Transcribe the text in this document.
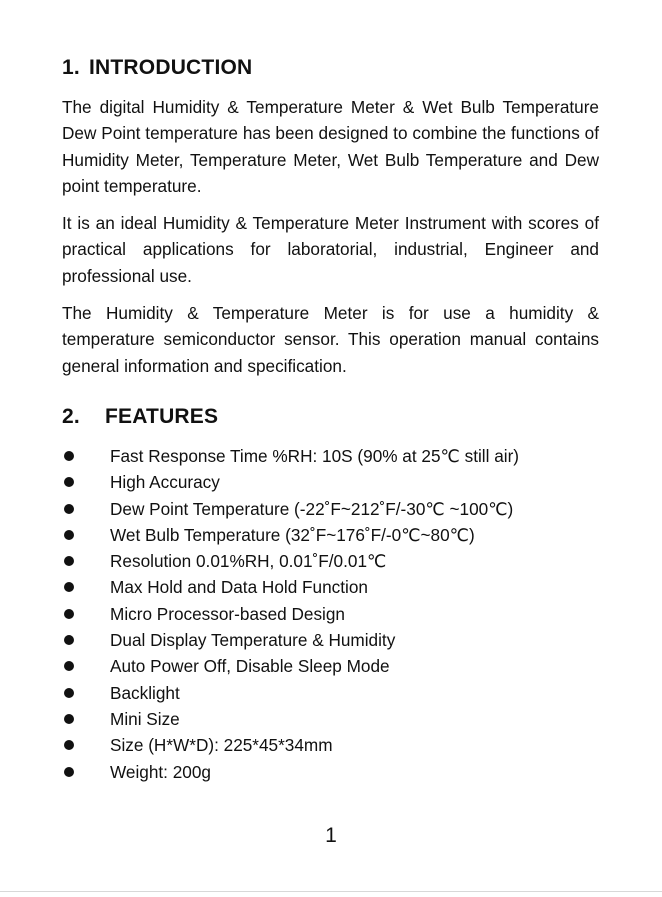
1. INTRODUCTION

The digital Humidity & Temperature Meter & Wet Bulb Temperature Dew Point temperature has been designed to combine the functions of Humidity Meter, Temperature Meter, Wet Bulb Temperature and Dew point temperature.

It is an ideal Humidity & Temperature Meter Instrument with scores of practical applications for laboratorial, industrial, Engineer and professional use.

The Humidity & Temperature Meter is for use a humidity & temperature semiconductor sensor. This operation manual contains general information and specification.

2. FEATURES
Fast Response Time %RH: 10S (90% at 25℃ still air)
High Accuracy
Dew Point Temperature (-22˚F~212˚F/-30℃ ~100℃)
Wet Bulb Temperature (32˚F~176˚F/-0℃~80℃)
Resolution 0.01%RH, 0.01˚F/0.01℃
Max Hold and Data Hold Function
Micro Processor-based Design
Dual Display Temperature & Humidity
Auto Power Off, Disable Sleep Mode
Backlight
Mini Size
Size (H*W*D): 225*45*34mm
Weight: 200g

1
